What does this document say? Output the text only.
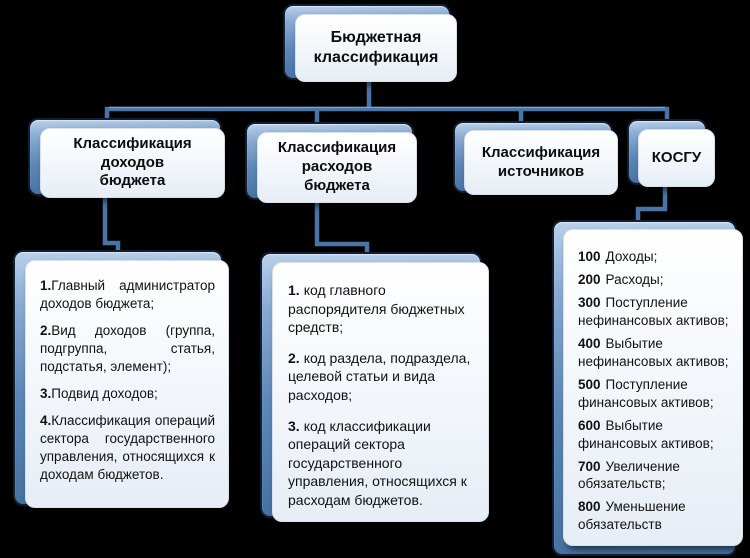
Бюджетная классификация
Классификация доходов бюджета
Классификация расходов бюджета
Классификация источников
КОСГУ

1.Главный администратор доходов бюджета;

2.Вид доходов (группа, подгруппа, статья, подстатья, элемент);

3.Подвид доходов;

4.Классификация операций сектора государственного управления, относящихся к доходам бюджетов.

1. код главного распорядителя бюджетных средств;

2. код раздела, подраздела, целевой статьи и вида расходов;

3. код классификации операций сектора государственного управления, относящихся к расходам бюджетов.

100 Доходы;

200 Расходы;

300 Поступление нефинансовых активов;

400 Выбытие нефинансовых активов;

500 Поступление финансовых активов;

600 Выбытие финансовых активов;

700 Увеличение обязательств;

800 Уменьшение обязательств
